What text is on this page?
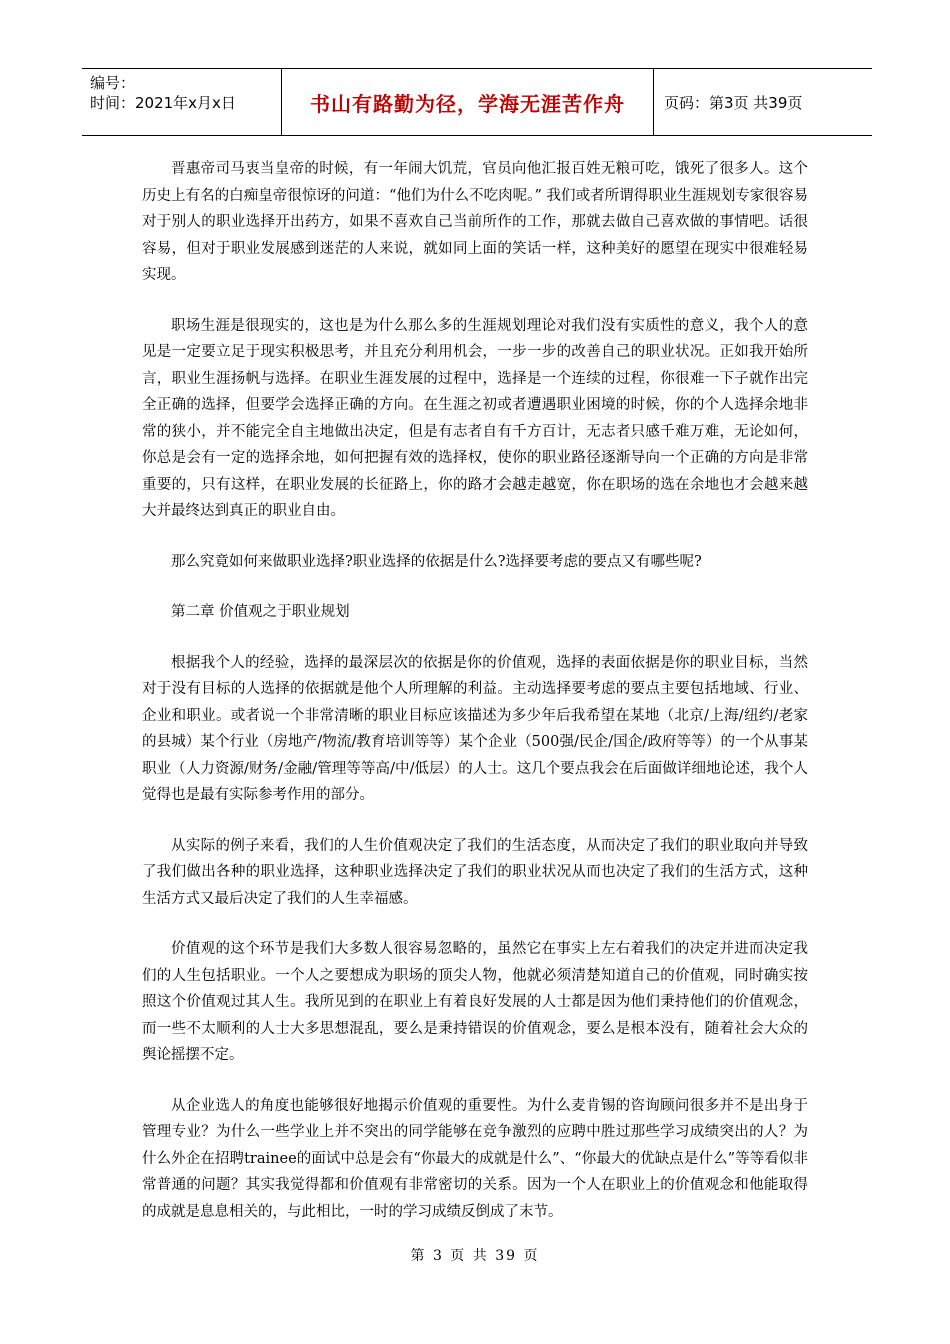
编号：
时间：2021年x月x日	书山有路勤为径，学海无涯苦作舟	页码：第3页 共39页

晋惠帝司马衷当皇帝的时候，有一年闹大饥荒，官员向他汇报百姓无粮可吃，饿死了很多人。这个历史上有名的白痴皇帝很惊讶的问道：“他们为什么不吃肉呢。” 我们或者所谓得职业生涯规划专家很容易对于别人的职业选择开出药方，如果不喜欢自己当前所作的工作，那就去做自己喜欢做的事情吧。话很容易，但对于职业发展感到迷茫的人来说，就如同上面的笑话一样，这种美好的愿望在现实中很难轻易实现。

职场生涯是很现实的，这也是为什么那么多的生涯规划理论对我们没有实质性的意义，我个人的意见是一定要立足于现实积极思考，并且充分利用机会，一步一步的改善自己的职业状况。正如我开始所言，职业生涯扬帆与选择。在职业生涯发展的过程中，选择是一个连续的过程，你很难一下子就作出完全正确的选择，但要学会选择正确的方向。在生涯之初或者遭遇职业困境的时候，你的个人选择余地非常的狭小，并不能完全自主地做出决定，但是有志者自有千方百计，无志者只感千难万难，无论如何，你总是会有一定的选择余地，如何把握有效的选择权，使你的职业路径逐渐导向一个正确的方向是非常重要的，只有这样，在职业发展的长征路上，你的路才会越走越宽，你在职场的选在余地也才会越来越大并最终达到真正的职业自由。

那么究竟如何来做职业选择?职业选择的依据是什么?选择要考虑的要点又有哪些呢?

第二章 价值观之于职业规划

根据我个人的经验，选择的最深层次的依据是你的价值观，选择的表面依据是你的职业目标，当然对于没有目标的人选择的依据就是他个人所理解的利益。主动选择要考虑的要点主要包括地域、行业、企业和职业。或者说一个非常清晰的职业目标应该描述为多少年后我希望在某地（北京/上海/纽约/老家的县城）某个行业（房地产/物流/教育培训等等）某个企业（500强/民企/国企/政府等等）的一个从事某职业（人力资源/财务/金融/管理等等高/中/低层）的人士。这几个要点我会在后面做详细地论述，我个人觉得也是最有实际参考作用的部分。

从实际的例子来看，我们的人生价值观决定了我们的生活态度，从而决定了我们的职业取向并导致了我们做出各种的职业选择，这种职业选择决定了我们的职业状况从而也决定了我们的生活方式，这种生活方式又最后决定了我们的人生幸福感。

价值观的这个环节是我们大多数人很容易忽略的，虽然它在事实上左右着我们的决定并进而决定我们的人生包括职业。一个人之要想成为职场的顶尖人物，他就必须清楚知道自己的价值观，同时确实按照这个价值观过其人生。我所见到的在职业上有着良好发展的人士都是因为他们秉持他们的价值观念，而一些不太顺利的人士大多思想混乱，要么是秉持错误的价值观念，要么是根本没有，随着社会大众的舆论摇摆不定。

从企业选人的角度也能够很好地揭示价值观的重要性。为什么麦肯锡的咨询顾问很多并不是出身于管理专业？为什么一些学业上并不突出的同学能够在竞争激烈的应聘中胜过那些学习成绩突出的人？为什么外企在招聘trainee的面试中总是会有“你最大的成就是什么”、“你最大的优缺点是什么”等等看似非常普通的问题？其实我觉得都和价值观有非常密切的关系。因为一个人在职业上的价值观念和他能取得的成就是息息相关的，与此相比，一时的学习成绩反倒成了末节。

第 3 页 共 39 页
